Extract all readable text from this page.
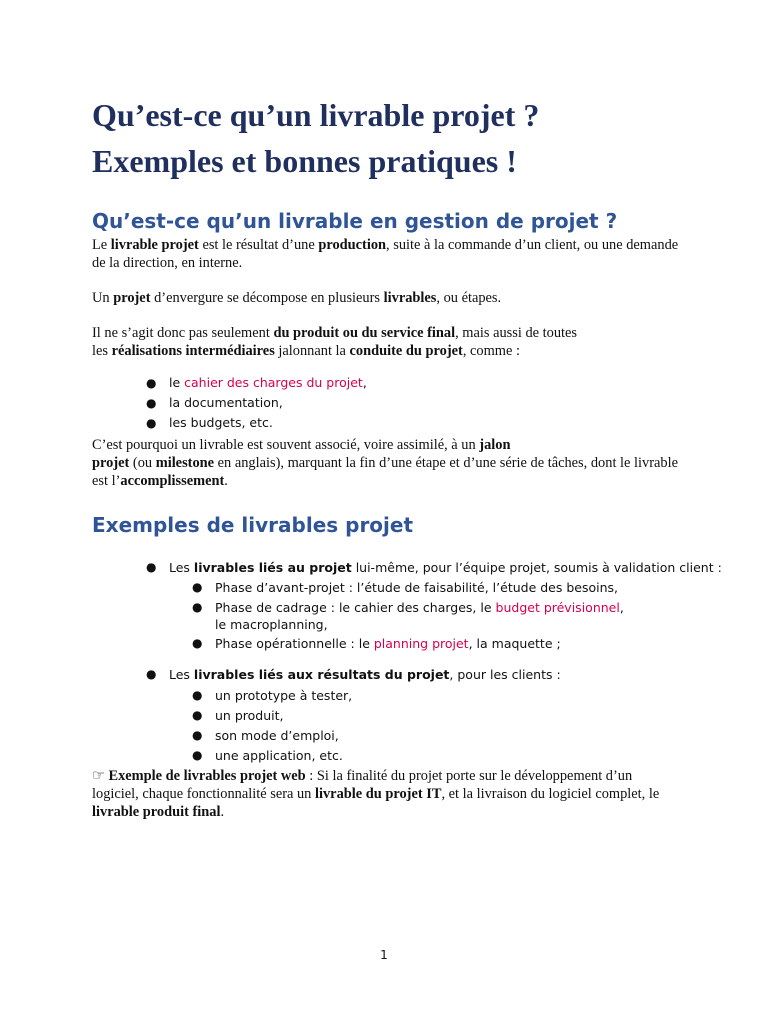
Qu’est-ce qu’un livrable projet ?
Exemples et bonnes pratiques !
Qu’est-ce qu’un livrable en gestion de projet ?

Le livrable projet est le résultat d’une production, suite à la commande d’un client, ou une demande de la direction, en interne.

Un projet d’envergure se décompose en plusieurs livrables, ou étapes.

Il ne s’agit donc pas seulement du produit ou du service final, mais aussi de toutes
les réalisations intermédiaires jalonnant la conduite du projet, comme :

● le cahier des charges du projet,
● la documentation,
● les budgets, etc.

C’est pourquoi un livrable est souvent associé, voire assimilé, à un jalon
projet (ou milestone en anglais), marquant la fin d’une étape et d’une série de tâches, dont le livrable est l’accomplissement.

Exemples de livrables projet
● Les livrables liés au projet lui-même, pour l’équipe projet, soumis à validation client :
● Phase d’avant-projet : l’étude de faisabilité, l’étude des besoins,
● Phase de cadrage : le cahier des charges, le budget prévisionnel, le macroplanning,
● Phase opérationnelle : le planning projet, la maquette ;
● Les livrables liés aux résultats du projet, pour les clients :
● un prototype à tester,
● un produit,
● son mode d’emploi,
● une application, etc.

☞ Exemple de livrables projet web : Si la finalité du projet porte sur le développement d’un logiciel, chaque fonctionnalité sera un livrable du projet IT, et la livraison du logiciel complet, le livrable produit final.

1
